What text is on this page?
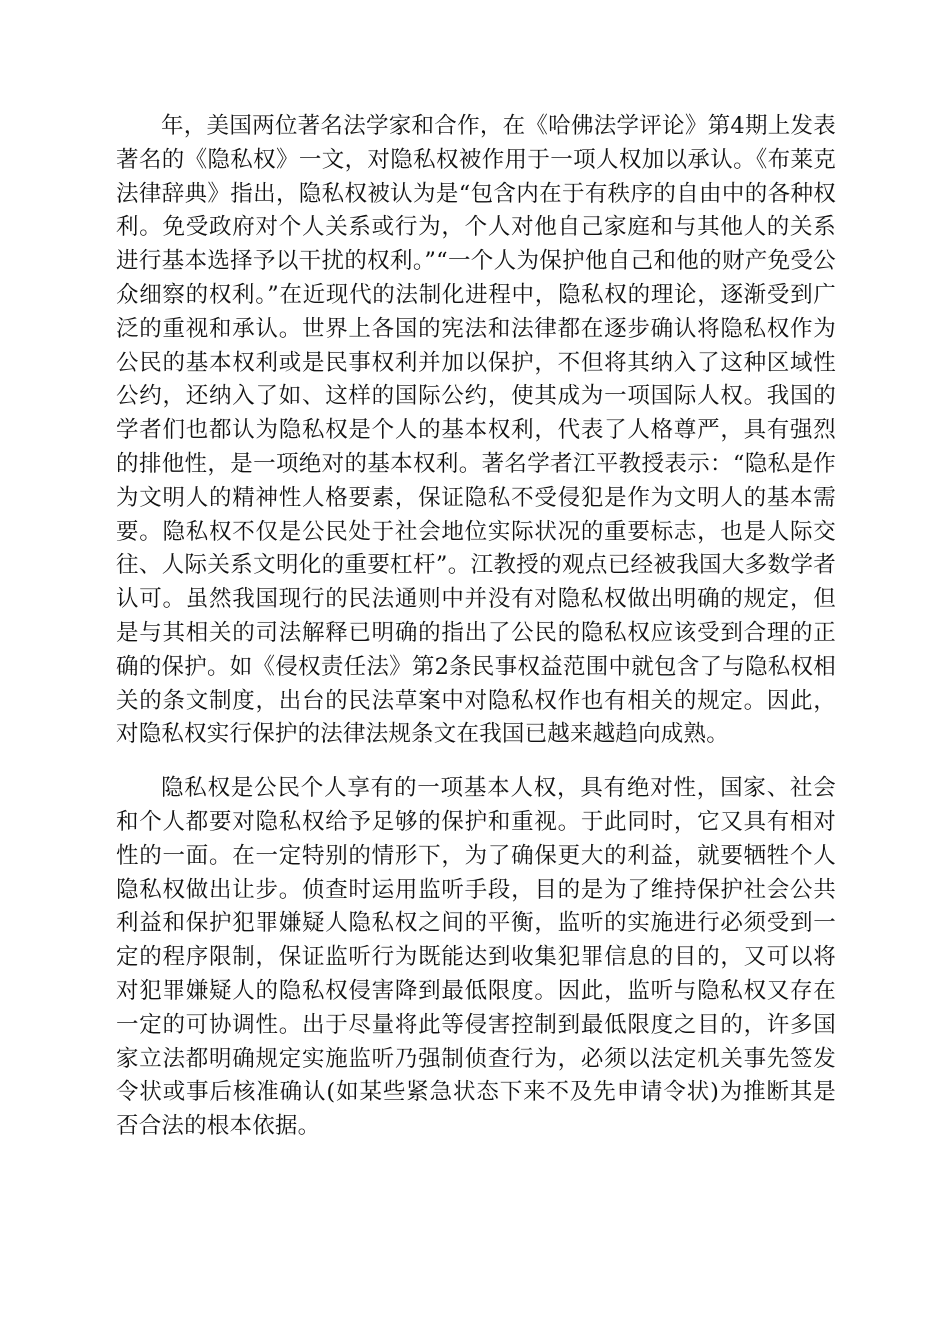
年，美国两位著名法学家和合作，在《哈佛法学评论》第4期上发表著名的《隐私权》一文，对隐私权被作用于一项人权加以承认。《布莱克法律辞典》指出，隐私权被认为是“包含内在于有秩序的自由中的各种权利。免受政府对个人关系或行为，个人对他自己家庭和与其他人的关系进行基本选择予以干扰的权利。”“一个人为保护他自己和他的财产免受公众细察的权利。”在近现代的法制化进程中，隐私权的理论，逐渐受到广泛的重视和承认。世界上各国的宪法和法律都在逐步确认将隐私权作为公民的基本权利或是民事权利并加以保护，不但将其纳入了这种区域性公约，还纳入了如、这样的国际公约，使其成为一项国际人权。我国的学者们也都认为隐私权是个人的基本权利，代表了人格尊严，具有强烈的排他性，是一项绝对的基本权利。著名学者江平教授表示：“隐私是作为文明人的精神性人格要素，保证隐私不受侵犯是作为文明人的基本需要。隐私权不仅是公民处于社会地位实际状况的重要标志，也是人际交往、人际关系文明化的重要杠杆”。江教授的观点已经被我国大多数学者认可。虽然我国现行的民法通则中并没有对隐私权做出明确的规定，但是与其相关的司法解释已明确的指出了公民的隐私权应该受到合理的正确的保护。如《侵权责任法》第2条民事权益范围中就包含了与隐私权相关的条文制度，出台的民法草案中对隐私权作也有相关的规定。因此，对隐私权实行保护的法律法规条文在我国已越来越趋向成熟。

隐私权是公民个人享有的一项基本人权，具有绝对性，国家、社会和个人都要对隐私权给予足够的保护和重视。于此同时，它又具有相对性的一面。在一定特别的情形下，为了确保更大的利益，就要牺牲个人隐私权做出让步。侦查时运用监听手段，目的是为了维持保护社会公共利益和保护犯罪嫌疑人隐私权之间的平衡，监听的实施进行必须受到一定的程序限制，保证监听行为既能达到收集犯罪信息的目的，又可以将对犯罪嫌疑人的隐私权侵害降到最低限度。因此，监听与隐私权又存在一定的可协调性。出于尽量将此等侵害控制到最低限度之目的，许多国家立法都明确规定实施监听乃强制侦查行为，必须以法定机关事先签发令状或事后核准确认(如某些紧急状态下来不及先申请令状)为推断其是否合法的根本依据。
